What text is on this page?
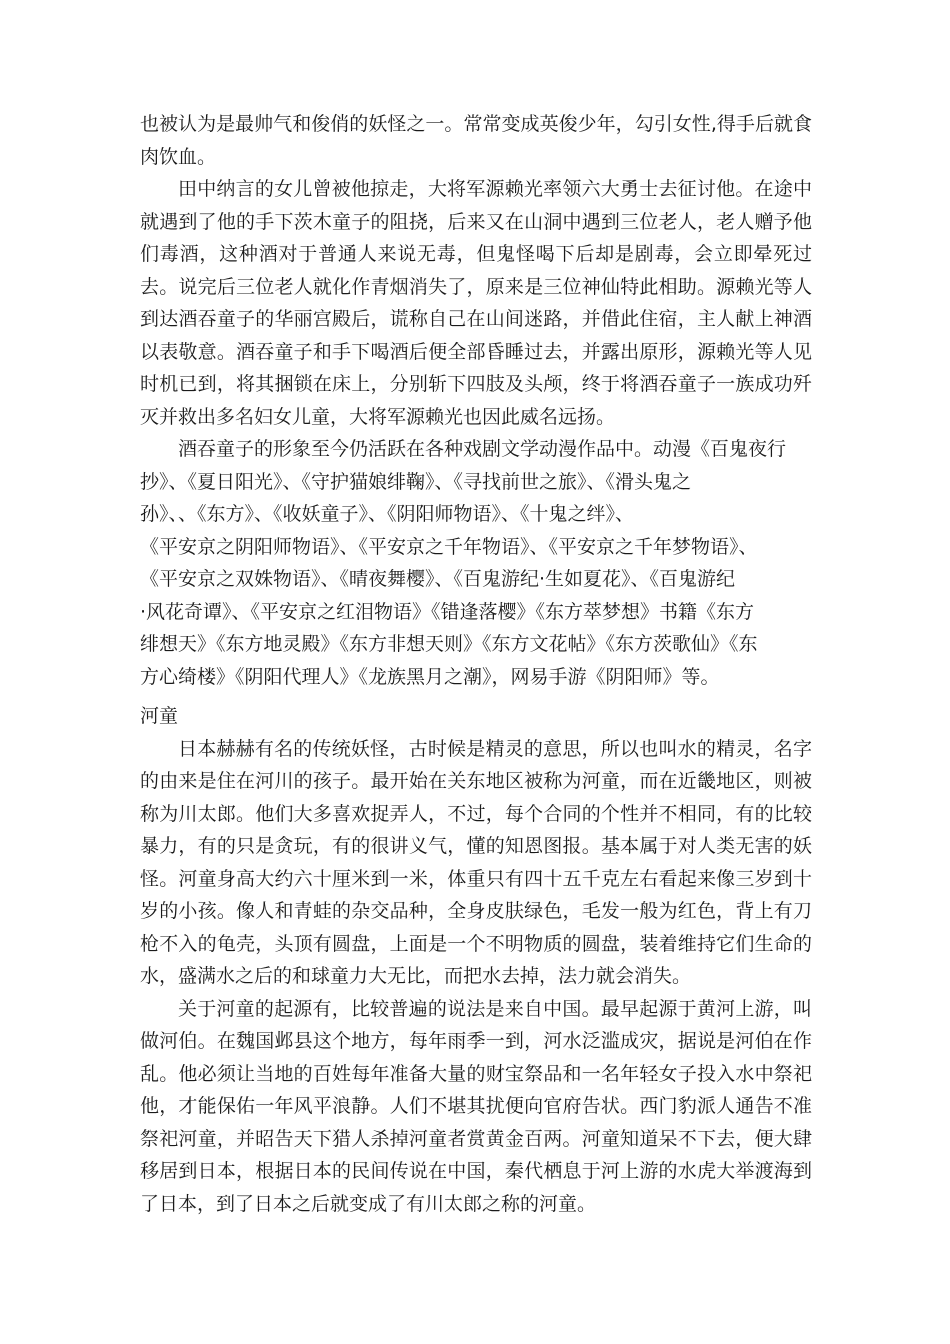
也被认为是最帅气和俊俏的妖怪之一。常常变成英俊少年，勾引女性,得手后就食肉饮血。

田中纳言的女儿曾被他掠走，大将军源赖光率领六大勇士去征讨他。在途中就遇到了他的手下茨木童子的阻挠，后来又在山洞中遇到三位老人，老人赠予他们毒酒，这种酒对于普通人来说无毒，但鬼怪喝下后却是剧毒，会立即晕死过去。说完后三位老人就化作青烟消失了，原来是三位神仙特此相助。源赖光等人到达酒吞童子的华丽宫殿后，谎称自己在山间迷路，并借此住宿，主人献上神酒以表敬意。酒吞童子和手下喝酒后便全部昏睡过去，并露出原形，源赖光等人见时机已到，将其捆锁在床上，分别斩下四肢及头颅，终于将酒吞童子一族成功歼灭并救出多名妇女儿童，大将军源赖光也因此威名远扬。

酒吞童子的形象至今仍活跃在各种戏剧文学动漫作品中。动漫《百鬼夜行
抄》、《夏日阳光》、《守护猫娘绯鞠》、《寻找前世之旅》、《滑头鬼之
孙》、、《东方》、《收妖童子》、《阴阳师物语》、《十鬼之绊》、
《平安京之阴阳师物语》、《平安京之千年物语》、《平安京之千年梦物语》、
《平安京之双姝物语》、《晴夜舞樱》、《百鬼游纪·生如夏花》、《百鬼游纪
·风花奇谭》、《平安京之红泪物语》《错逢落樱》《东方萃梦想》书籍《东方
绯想天》《东方地灵殿》《东方非想天则》《东方文花帖》《东方茨歌仙》《东
方心绮楼》《阴阳代理人》《龙族黑月之潮》，网易手游《阴阳师》等。

河童

日本赫赫有名的传统妖怪，古时候是精灵的意思，所以也叫水的精灵，名字的由来是住在河川的孩子。最开始在关东地区被称为河童，而在近畿地区，则被称为川太郎。他们大多喜欢捉弄人，不过，每个合同的个性并不相同，有的比较暴力，有的只是贪玩，有的很讲义气，懂的知恩图报。基本属于对人类无害的妖怪。河童身高大约六十厘米到一米，体重只有四十五千克左右看起来像三岁到十岁的小孩。像人和青蛙的杂交品种，全身皮肤绿色，毛发一般为红色，背上有刀枪不入的龟壳，头顶有圆盘，上面是一个不明物质的圆盘，装着维持它们生命的水，盛满水之后的和球童力大无比，而把水去掉，法力就会消失。

关于河童的起源有，比较普遍的说法是来自中国。最早起源于黄河上游，叫做河伯。在魏国邺县这个地方，每年雨季一到，河水泛滥成灾，据说是河伯在作乱。他必须让当地的百姓每年准备大量的财宝祭品和一名年轻女子投入水中祭祀他，才能保佑一年风平浪静。人们不堪其扰便向官府告状。西门豹派人通告不准祭祀河童，并昭告天下猎人杀掉河童者赏黄金百两。河童知道呆不下去，便大肆移居到日本，根据日本的民间传说在中国，秦代栖息于河上游的水虎大举渡海到了日本，到了日本之后就变成了有川太郎之称的河童。
